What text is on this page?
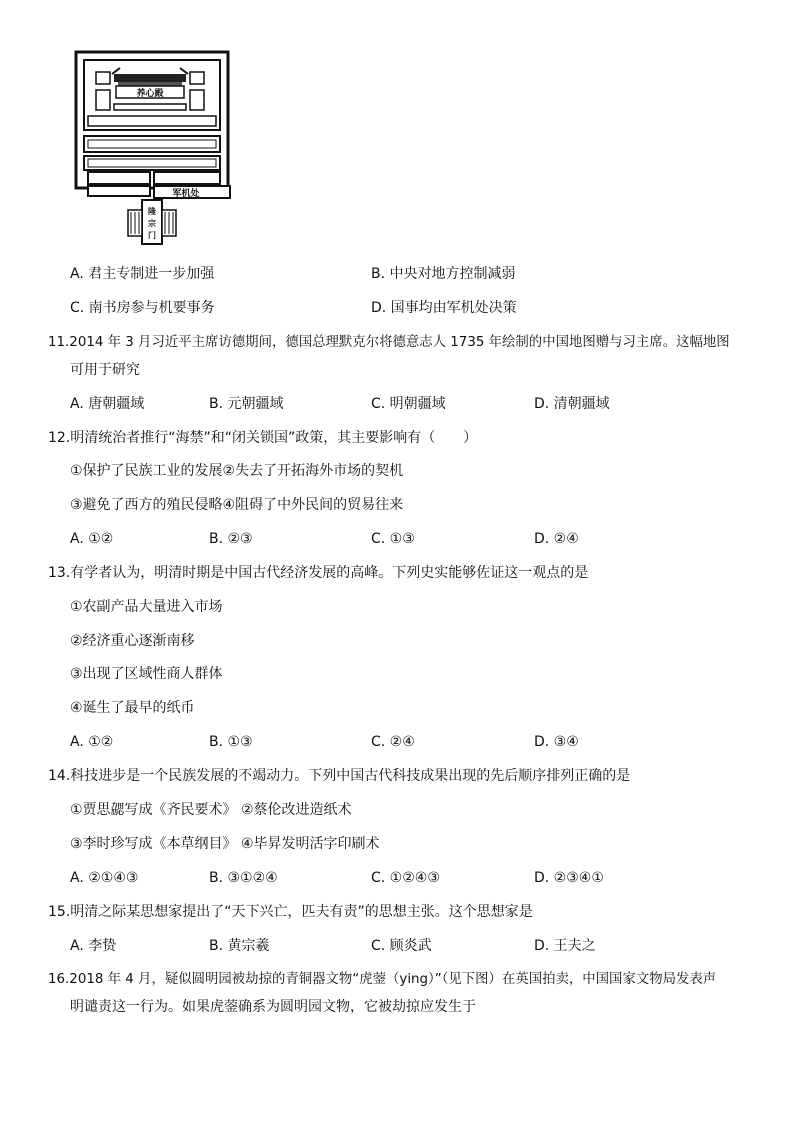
养心殿
军机处
隆
宗
门
A. 君主专制进一步加强	B. 中央对地方控制减弱
C. 南书房参与机要事务	D. 国事均由军机处决策
11.2014 年 3 月习近平主席访德期间，德国总理默克尔将德意志人 1735 年绘制的中国地图赠与习主席。这幅地图
可用于研究
A. 唐朝疆域	B. 元朝疆域	C. 明朝疆域	D. 清朝疆域
12.明清统治者推行“海禁”和“闭关锁国”政策，其主要影响有（　　）
①保护了民族工业的发展②失去了开拓海外市场的契机
③避免了西方的殖民侵略④阻碍了中外民间的贸易往来
A. ①②	B. ②③	C. ①③	D. ②④
13.有学者认为，明清时期是中国古代经济发展的高峰。下列史实能够佐证这一观点的是
①农副产品大量进入市场
②经济重心逐渐南移
③出现了区域性商人群体
④诞生了最早的纸币
A. ①②	B. ①③	C. ②④	D. ③④
14.科技进步是一个民族发展的不竭动力。下列中国古代科技成果出现的先后顺序排列正确的是
①贾思勰写成《齐民要术》 ②蔡伦改进造纸术
③李时珍写成《本草纲目》 ④毕昇发明活字印刷术
A. ②①④③	B. ③①②④	C. ①②④③	D. ②③④①
15.明清之际某思想家提出了“天下兴亡，匹夫有责”的思想主张。这个思想家是
A. 李贽	B. 黄宗羲	C. 顾炎武	D. 王夫之
16.2018 年 4 月，疑似圆明园被劫掠的青铜器文物“虎蓥（ying）”（见下图）在英国拍卖，中国国家文物局发表声
明谴责这一行为。如果虎蓥确系为圆明园文物，它被劫掠应发生于
